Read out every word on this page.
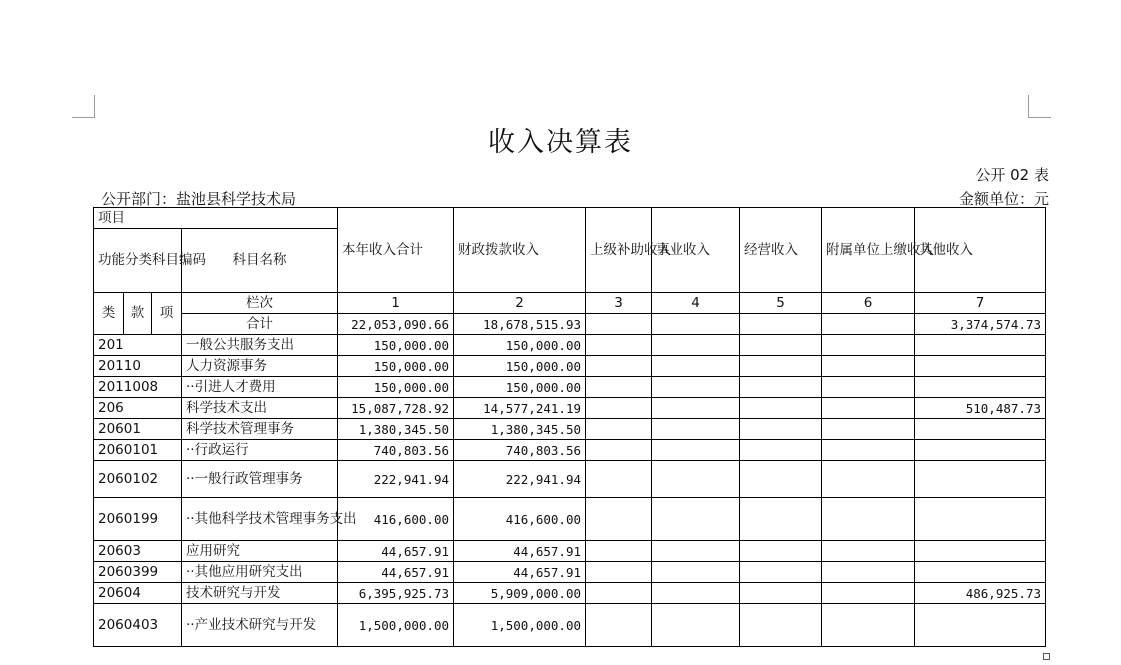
收入决算表
公开 02 表
公开部门：盐池县科学技术局	金额单位：元
项目				本年收入合计	财政拨款收入	上级补助收入	事业收入	经营收入	附属单位上缴收入	其他收入
功能分类科目编码			科目名称							
类	款	项	栏次	1	2	3	4	5	6	7
			合计	22,053,090.66	18,678,515.93					3,374,574.73
201			一般公共服务支出	150,000.00	150,000.00					
20110			人力资源事务	150,000.00	150,000.00					
2011008			··引进人才费用	150,000.00	150,000.00					
206			科学技术支出	15,087,728.92	14,577,241.19					510,487.73
20601			科学技术管理事务	1,380,345.50	1,380,345.50					
2060101			··行政运行	740,803.56	740,803.56					
2060102			··一般行政管理事务	222,941.94	222,941.94					
2060199			··其他科学技术管理事务支出	416,600.00	416,600.00					
20603			应用研究	44,657.91	44,657.91					
2060399			··其他应用研究支出	44,657.91	44,657.91					
20604			技术研究与开发	6,395,925.73	5,909,000.00					486,925.73
2060403			··产业技术研究与开发	1,500,000.00	1,500,000.00					
